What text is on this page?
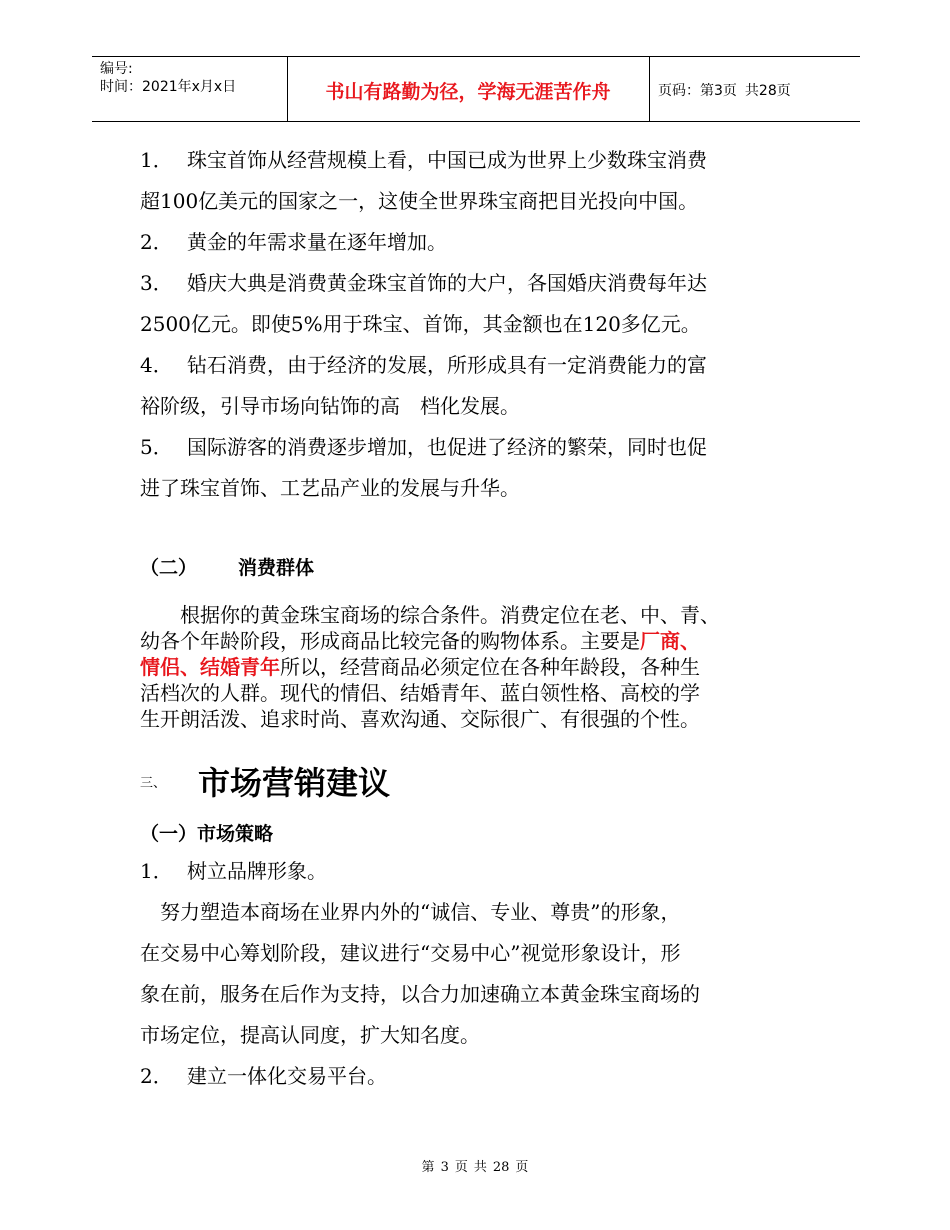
编号:
时间：2021年x月x日	书山有路勤为径，学海无涯苦作舟	页码：第3页 共28页
1． 珠宝首饰从经营规模上看，中国已成为世界上少数珠宝消费
超100亿美元的国家之一，这使全世界珠宝商把目光投向中国。
2． 黄金的年需求量在逐年增加。
3． 婚庆大典是消费黄金珠宝首饰的大户，各国婚庆消费每年达
2500亿元。即使5%用于珠宝、首饰，其金额也在120多亿元。
4． 钻石消费，由于经济的发展，所形成具有一定消费能力的富
裕阶级，引导市场向钻饰的高　档化发展。
5． 国际游客的消费逐步增加，也促进了经济的繁荣，同时也促
进了珠宝首饰、工艺品产业的发展与升华。
（二） 消费群体
　　根据你的黄金珠宝商场的综合条件。消费定位在老、中、青、
幼各个年龄阶段，形成商品比较完备的购物体系。主要是厂商、
情侣、结婚青年所以，经营商品必须定位在各种年龄段，各种生
活档次的人群。现代的情侣、结婚青年、蓝白领性格、高校的学
生开朗活泼、追求时尚、喜欢沟通、交际很广、有很强的个性。
三、 市场营销建议
（一）市场策略
1． 树立品牌形象。
　努力塑造本商场在业界内外的“诚信、专业、尊贵”的形象，
在交易中心筹划阶段，建议进行“交易中心”视觉形象设计，形
象在前，服务在后作为支持，以合力加速确立本黄金珠宝商场的
市场定位，提高认同度，扩大知名度。
2． 建立一体化交易平台。
第 3 页 共 28 页
